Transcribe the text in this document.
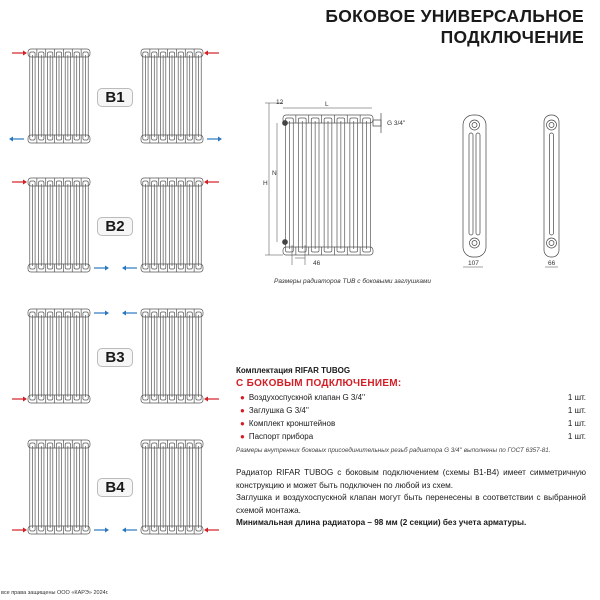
БОКОВОЕ УНИВЕРСАЛЬНОЕ
ПОДКЛЮЧЕНИЕ
B1
B2
B3
B4
12	L
G 3/4''
H
N
46	107	66
Размеры радиаторов TUB с боковыми заглушками
Комплектация RIFAR TUBOG
С БОКОВЫМ ПОДКЛЮЧЕНИЕМ:
● Воздухоспускной клапан G 3/4''	1 шт.
● Заглушка G 3/4''	1 шт.
● Комплект кронштейнов	1 шт.
● Паспорт прибора	1 шт.
Размеры внутренних боковых присоединительных резьб радиатора G 3/4'' выполнены по ГОСТ 6357-81.
Радиатор RIFAR TUBOG с боковым подключением (схемы В1-В4) имеет симметричную конструкцию и может быть подключен по любой из схем.
Заглушка и воздухоспускной клапан могут быть перенесены в соответствии с выбранной схемой монтажа.
Минимальная длина радиатора – 98 мм (2 секции) без учета арматуры.
все права защищены ООО «КАРЭ» 2024г.
